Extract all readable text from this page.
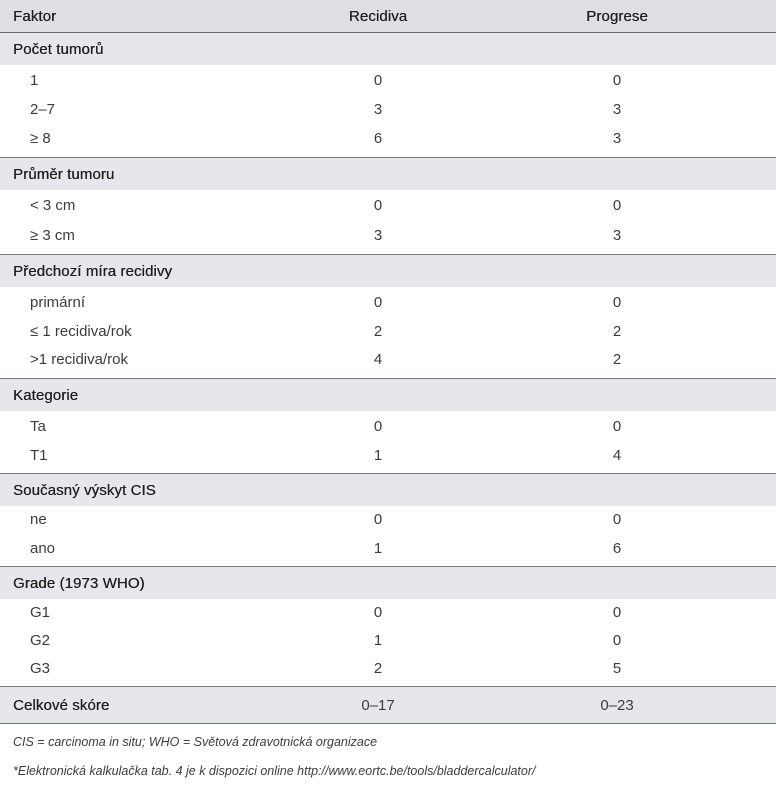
Faktor	Recidiva	Progrese
Počet tumorů
1	0	0
2–7	3	3
≥ 8	6	3
Průměr tumoru
< 3 cm	0	0
≥ 3 cm	3	3
Předchozí míra recidivy
primární	0	0
≤ 1 recidiva/rok	2	2
>1 recidiva/rok	4	2
Kategorie
Ta	0	0
T1	1	4
Současný výskyt CIS
ne	0	0
ano	1	6
Grade (1973 WHO)
G1	0	0
G2	1	0
G3	2	5
Celkové skóre	0–17	0–23
CIS = carcinoma in situ; WHO = Světová zdravotnická organizace
*Elektronická kalkulačka tab. 4 je k dispozici online http://www.eortc.be/tools/bladdercalculator/
